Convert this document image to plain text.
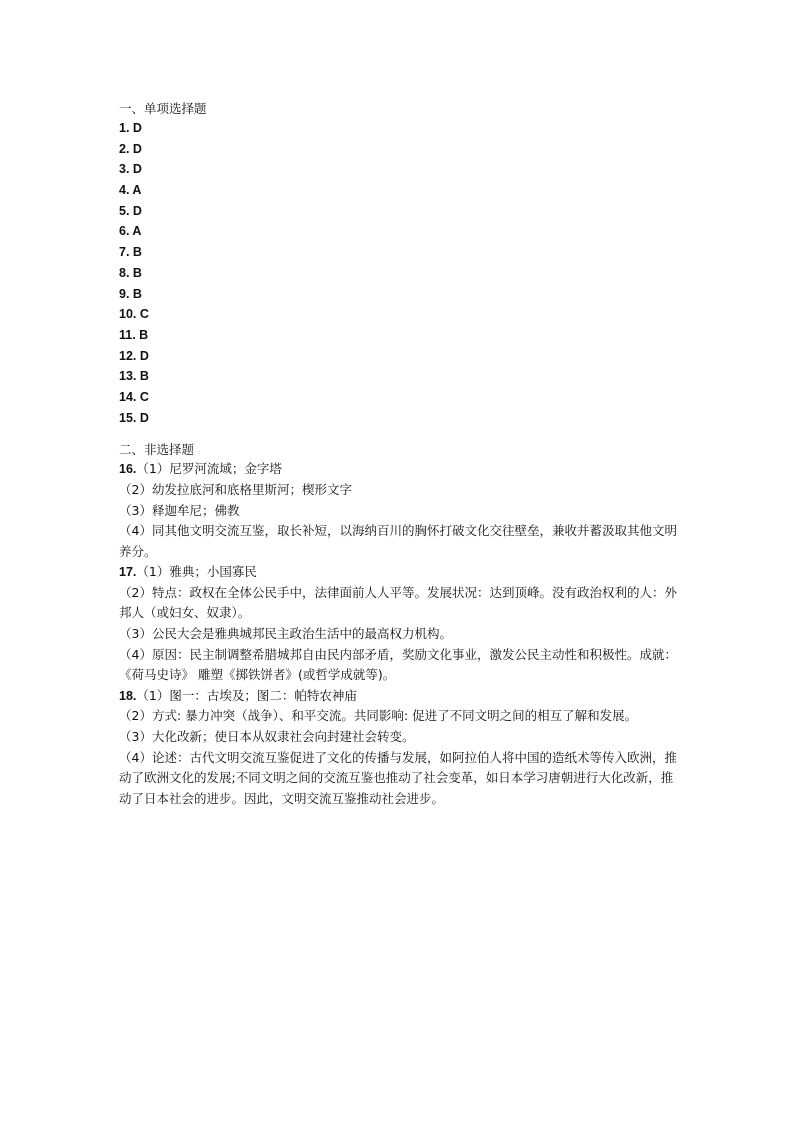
一、单项选择题
1. D
2. D
3. D
4. A
5. D
6. A
7. B
8. B
9. B
10. C
11. B
12. D
13. B
14. C
15. D
二、非选择题
16.（1）尼罗河流域；金字塔
（2）幼发拉底河和底格里斯河；楔形文字
（3）释迦牟尼；佛教
（4）同其他文明交流互鉴，取长补短，以海纳百川的胸怀打破文化交往壁垒，兼收并蓄汲取其他文明养分。
17.（1）雅典；小国寡民
（2）特点：政权在全体公民手中，法律面前人人平等。发展状况：达到顶峰。没有政治权利的人：外邦人（或妇女、奴隶）。
（3）公民大会是雅典城邦民主政治生活中的最高权力机构。
（4）原因：民主制调整希腊城邦自由民内部矛盾，奖励文化事业，激发公民主动性和积极性。成就：《荷马史诗》 雕塑《掷铁饼者》(或哲学成就等)。
18.（1）图一：古埃及；图二：帕特农神庙
（2）方式: 暴力冲突（战争）、和平交流。共同影响: 促进了不同文明之间的相互了解和发展。
（3）大化改新；使日本从奴隶社会向封建社会转变。
（4）论述：古代文明交流互鉴促进了文化的传播与发展，如阿拉伯人将中国的造纸术等传入欧洲，推动了欧洲文化的发展;不同文明之间的交流互鉴也推动了社会变革，如日本学习唐朝进行大化改新，推动了日本社会的进步。因此，文明交流互鉴推动社会进步。
